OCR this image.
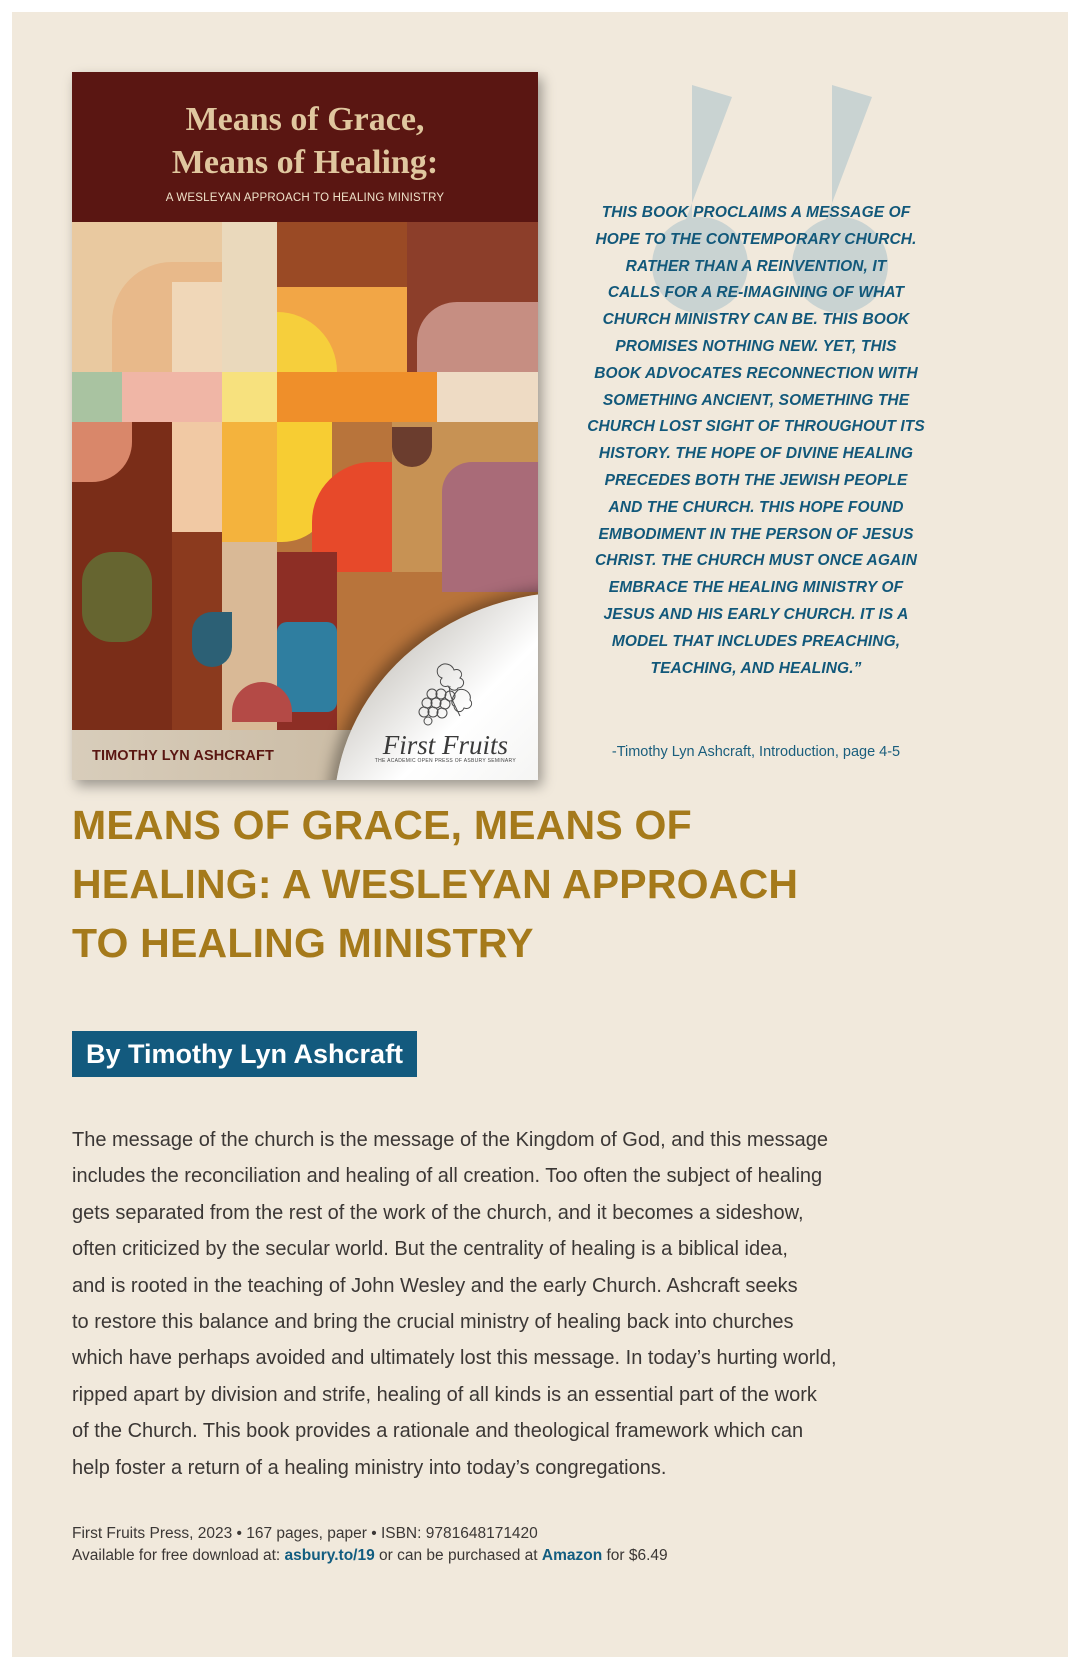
Means of Grace,
Means of Healing:
A WESLEYAN APPROACH TO HEALING MINISTRY
TIMOTHY LYN ASHCRAFT	First Fruits
THE ACADEMIC OPEN PRESS OF ASBURY SEMINARY
THIS BOOK PROCLAIMS A MESSAGE OF
HOPE TO THE CONTEMPORARY CHURCH.
RATHER THAN A REINVENTION, IT
CALLS FOR A RE-IMAGINING OF WHAT
CHURCH MINISTRY CAN BE. THIS BOOK
PROMISES NOTHING NEW. YET, THIS
BOOK ADVOCATES RECONNECTION WITH
SOMETHING ANCIENT, SOMETHING THE
CHURCH LOST SIGHT OF THROUGHOUT ITS
HISTORY. THE HOPE OF DIVINE HEALING
PRECEDES BOTH THE JEWISH PEOPLE
AND THE CHURCH. THIS HOPE FOUND
EMBODIMENT IN THE PERSON OF JESUS
CHRIST. THE CHURCH MUST ONCE AGAIN
EMBRACE THE HEALING MINISTRY OF
JESUS AND HIS EARLY CHURCH. IT IS A
MODEL THAT INCLUDES PREACHING,
TEACHING, AND HEALING.”
-Timothy Lyn Ashcraft, Introduction, page 4-5
MEANS OF GRACE, MEANS OF
HEALING: A WESLEYAN APPROACH
TO HEALING MINISTRY
By Timothy Lyn Ashcraft
The message of the church is the message of the Kingdom of God, and this message
includes the reconciliation and healing of all creation. Too often the subject of healing
gets separated from the rest of the work of the church, and it becomes a sideshow,
often criticized by the secular world. But the centrality of healing is a biblical idea,
and is rooted in the teaching of John Wesley and the early Church. Ashcraft seeks
to restore this balance and bring the crucial ministry of healing back into churches
which have perhaps avoided and ultimately lost this message. In today’s hurting world,
ripped apart by division and strife, healing of all kinds is an essential part of the work
of the Church. This book provides a rationale and theological framework which can
help foster a return of a healing ministry into today’s congregations.
First Fruits Press, 2023 • 167 pages, paper • ISBN: 9781648171420
Available for free download at: asbury.to/19 or can be purchased at Amazon for $6.49
